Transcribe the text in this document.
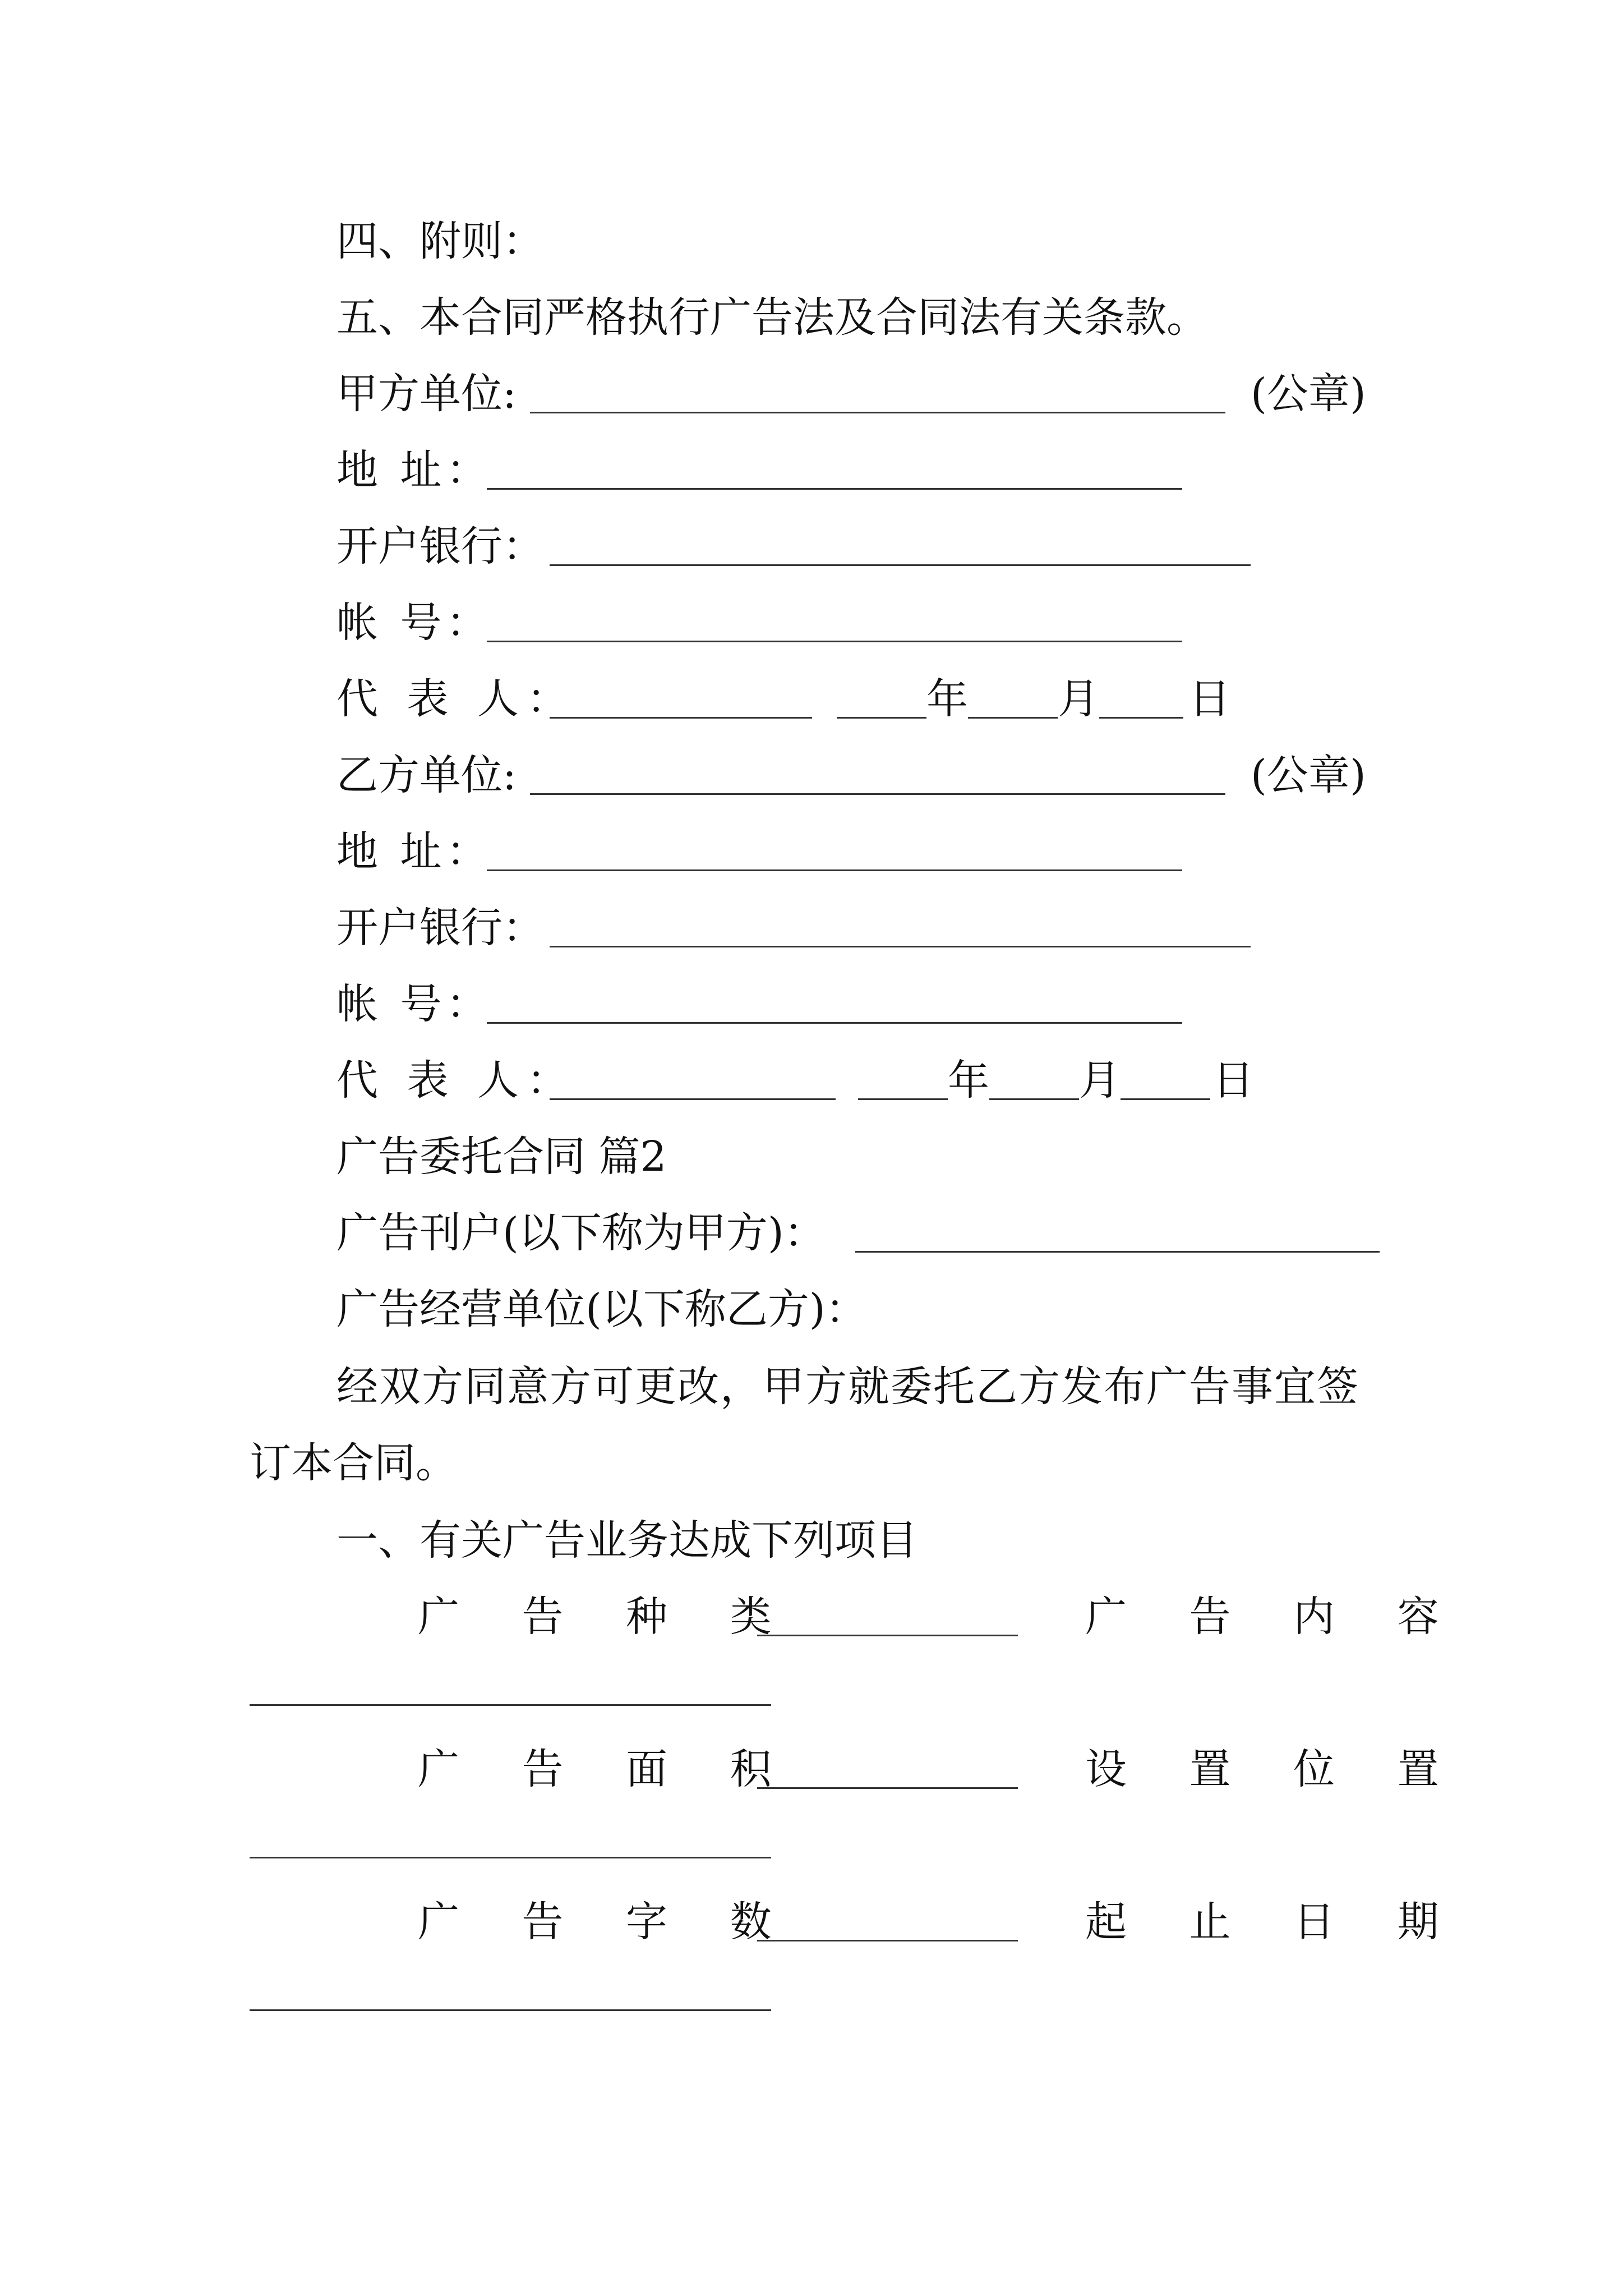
四、附则：
五、本合同严格执行广告法及合同法有关条款。
甲方单位:	(公章)
地 址：
开户银行：
帐 号：
代 表 人：	年 月 日
乙方单位:	(公章)
地 址：
开户银行：
帐 号：
代 表 人：	年 月 日
广告委托合同 篇2
广告刊户(以下称为甲方)：
广告经营单位(以下称乙方)：
经双方同意方可更改，甲方就委托乙方发布广告事宜签
订本合同。
一、有关广告业务达成下列项目
广 告 种 类	广 告 内 容
广 告 面 积	设 置 位 置
广 告 字 数	起 止 日 期
